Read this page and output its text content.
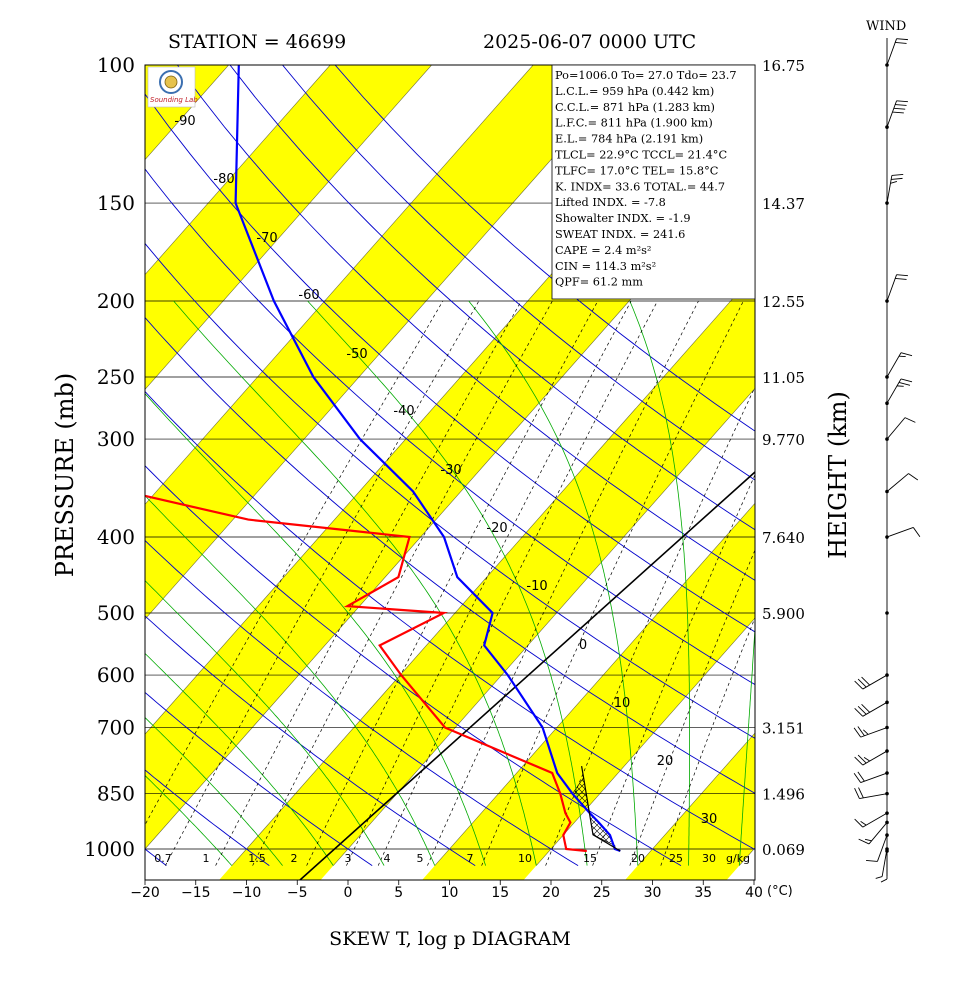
STATION = 46699	2025-06-07 0000 UTC
WIND
Po=1006.0 To= 27.0 Tdo= 23.7
L.C.L.= 959 hPa (0.442 km)
C.C.L.= 871 hPa (1.283 km)
L.F.C.= 811 hPa (1.900 km)
E.L.= 784 hPa (2.191 km)
TLCL= 22.9°C TCCL= 21.4°C
TLFC= 17.0°C TEL= 15.8°C
K. INDX= 33.6 TOTAL.= 44.7
Lifted INDX. = -7.8
Showalter INDX. = -1.9
SWEAT INDX. = 241.6
CAPE = 2.4 m²s²
CIN = 114.3 m²s²
QPF= 61.2 mm
Sounding Lab
-90
-80
-70
-60
-50
-40
-30
-20
-10
0
10
20
30
100
150
200
250
300
400
500
600
700
850
1000
16.75
14.37
12.55
11.05
9.770
7.640
5.900
3.151
1.496
0.069
−20 −15 −10 −5	0	5	10 15 20 25 30 35 40
0.7	1	1.5 2	3	4 5	7	10	15	20 25 30 g/kg
PRESSURE (mb)	HEIGHT (km)
(°C)
SKEW T, log p DIAGRAM
